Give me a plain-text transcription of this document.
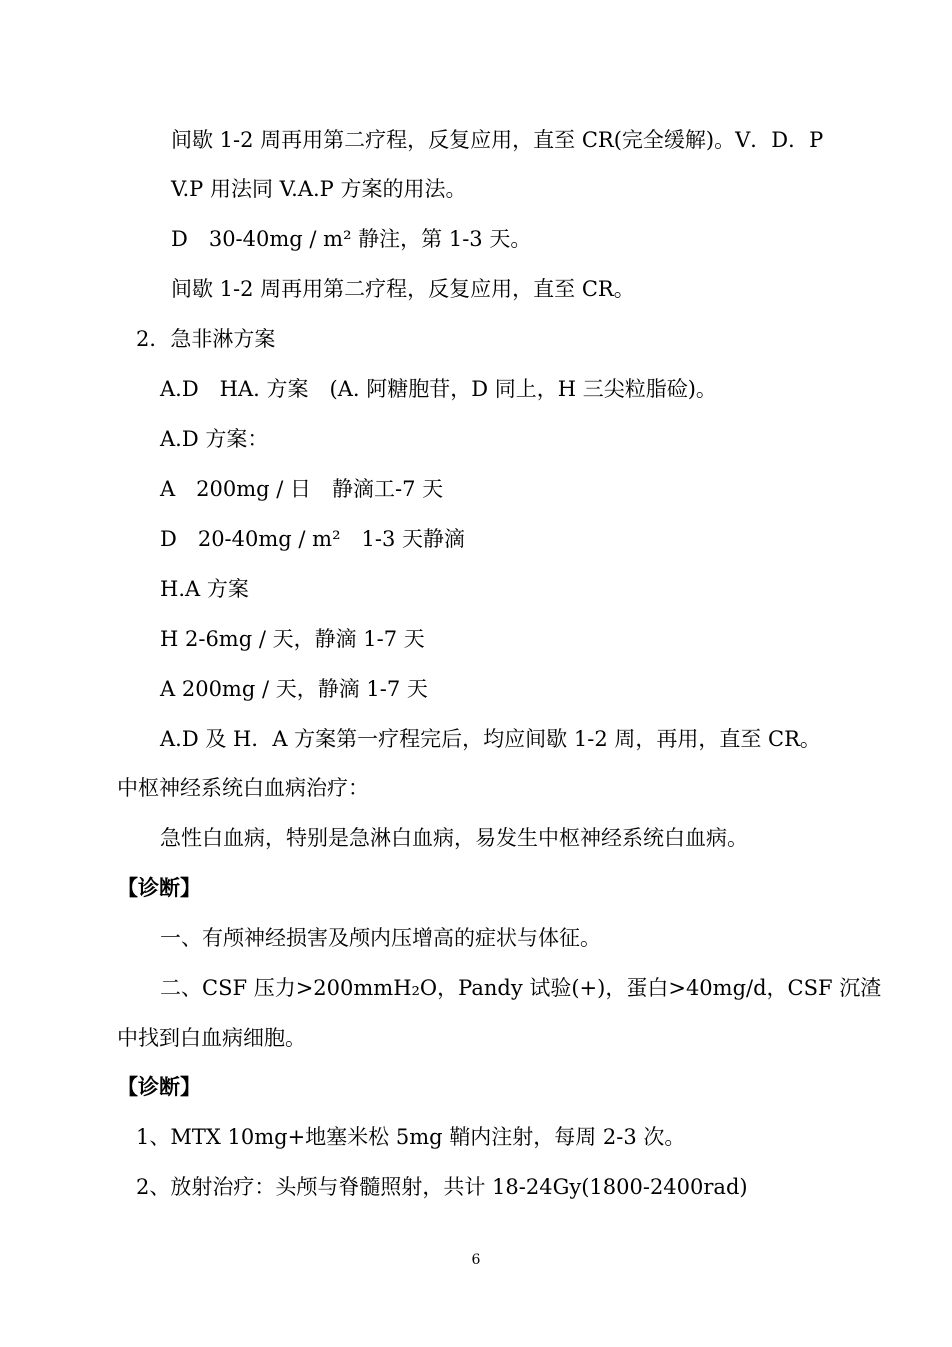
间歇 1-2 周再用第二疗程，反复应用，直至 CR(完全缓解)。V．D．P
V.P 用法同 V.A.P 方案的用法。
D　30-40mg / m² 静注，第 1-3 天。
间歇 1-2 周再用第二疗程，反复应用，直至 CR。
2．急非淋方案
A.D　HA. 方案　(A. 阿糖胞苷，D 同上，H 三尖粒脂硷)。
A.D 方案：
A　200mg / 日　静滴工-7 天
D　20-40mg / m²　1-3 天静滴
H.A 方案
H 2-6mg / 天，静滴 1-7 天
A 200mg / 天，静滴 1-7 天
A.D 及 H．A 方案第一疗程完后，均应间歇 1-2 周，再用，直至 CR。
中枢神经系统白血病治疗：
急性白血病，特别是急淋白血病，易发生中枢神经系统白血病。
【诊断】
一、有颅神经损害及颅内压增高的症状与体征。
二、CSF 压力>200mmH₂O，Pandy 试验(+)，蛋白>40mg/d，CSF 沉渣
中找到白血病细胞。
【诊断】
1、MTX 10mg+地塞米松 5mg 鞘内注射，每周 2-3 次。
2、放射治疗：头颅与脊髓照射，共计 18-24Gy(1800-2400rad)
6
